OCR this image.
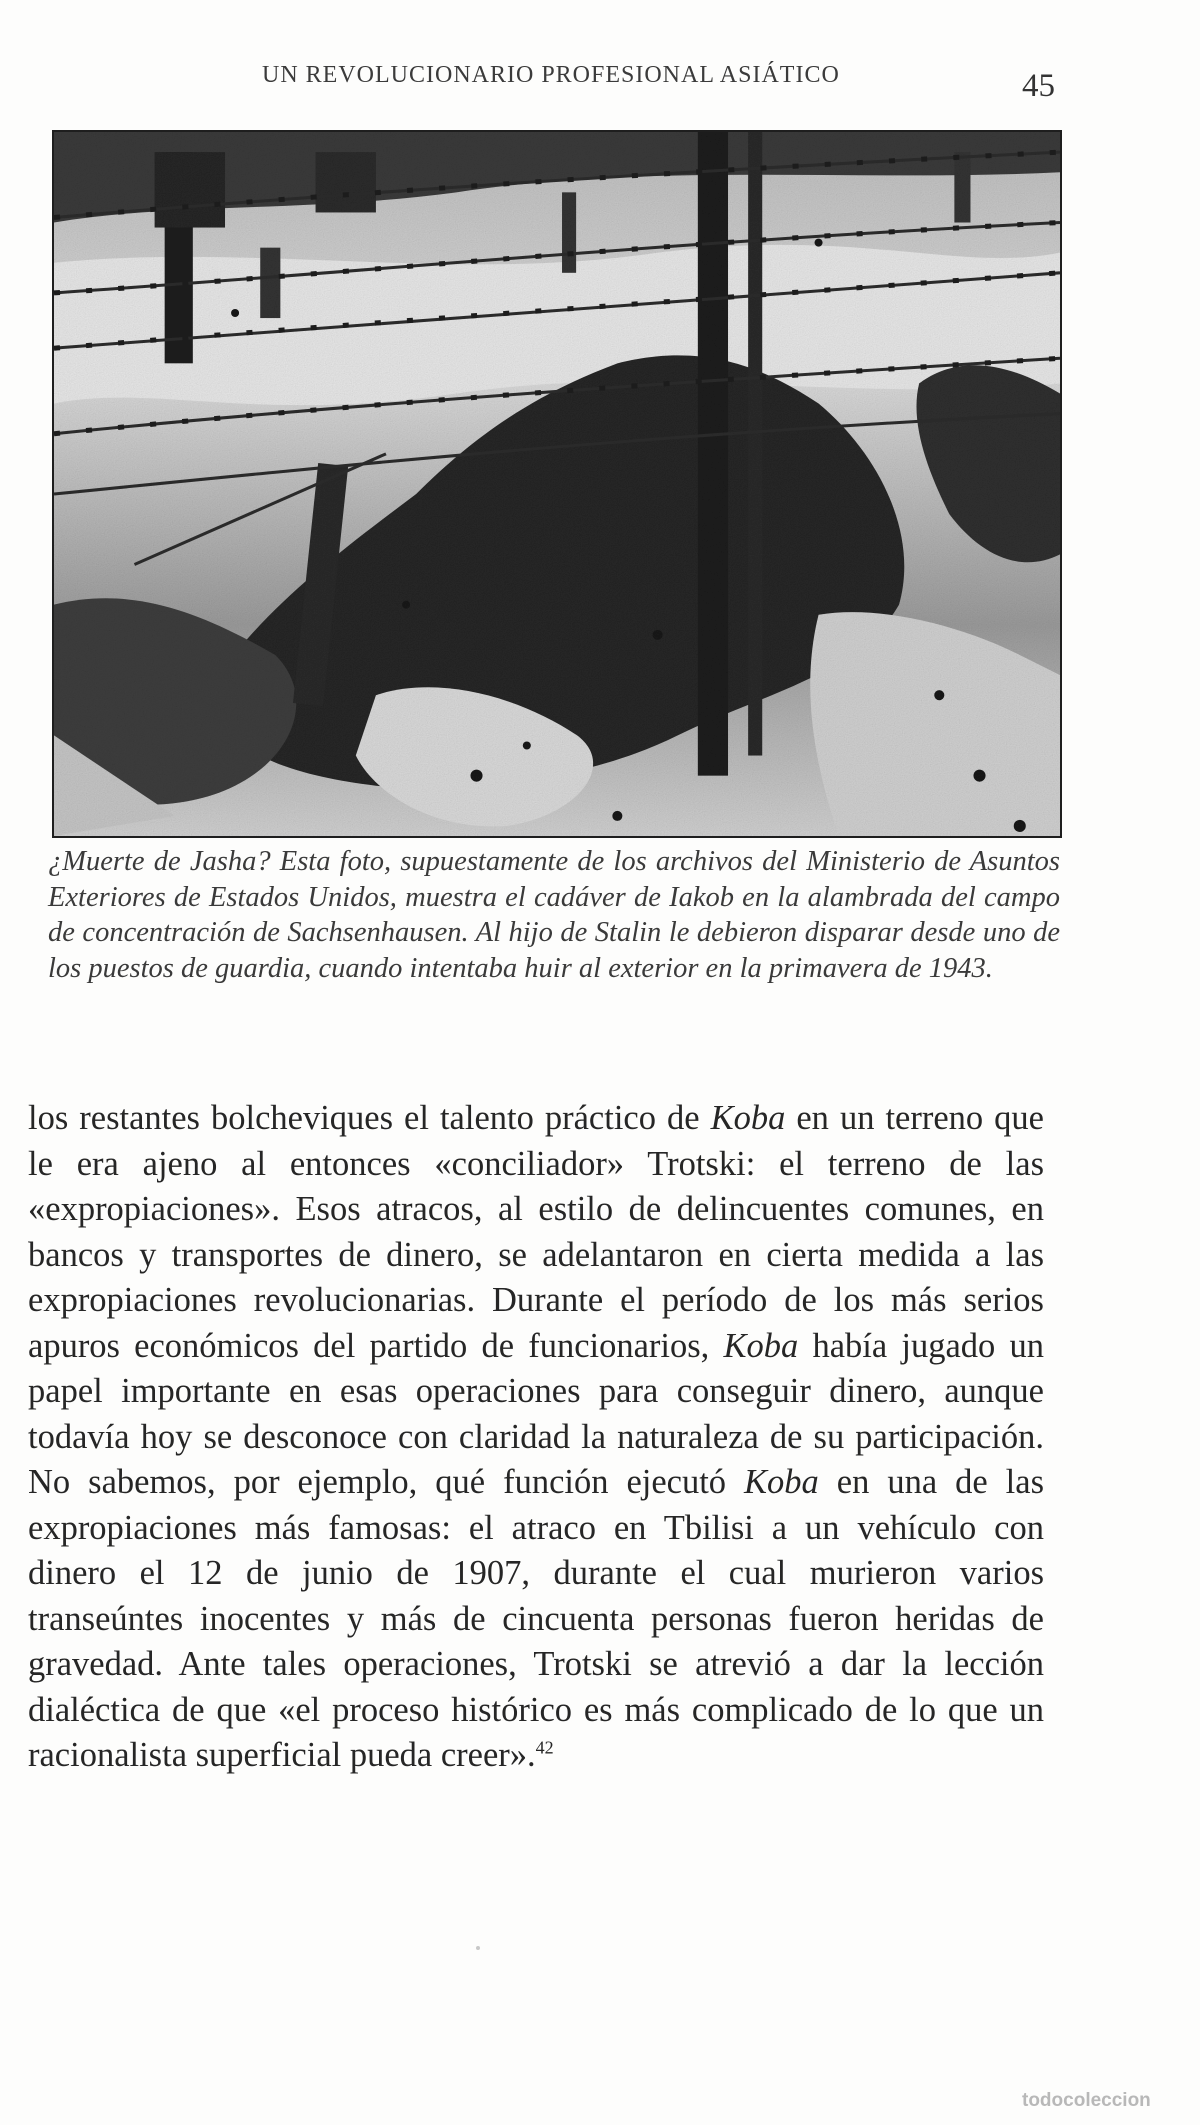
UN REVOLUCIONARIO PROFESIONAL ASIÁTICO	45
¿Muerte de Jasha? Esta foto, supuestamente de los archivos del Ministerio de Asuntos Exteriores de Estados Unidos, muestra el cadáver de Iakob en la alambrada del campo de concentración de Sachsenhausen. Al hijo de Stalin le debieron disparar desde uno de los puestos de guardia, cuando intentaba huir al exterior en la primavera de 1943.
los restantes bolcheviques el talento práctico de Koba en un terreno que le era ajeno al entonces «conciliador» Trotski: el terreno de las «expropiaciones». Esos atracos, al estilo de delincuentes comunes, en bancos y transportes de dinero, se adelantaron en cierta medida a las expropiaciones revolucionarias. Durante el período de los más serios apuros económicos del partido de funcionarios, Koba había jugado un papel importante en esas operaciones para conseguir dinero, aunque todavía hoy se desconoce con claridad la naturaleza de su participación. No sabemos, por ejemplo, qué función ejecutó Koba en una de las expropiaciones más famosas: el atraco en Tbilisi a un vehículo con dinero el 12 de junio de 1907, durante el cual murieron varios transeúntes inocentes y más de cincuenta personas fueron heridas de gravedad. Ante tales operaciones, Trotski se atrevió a dar la lección dialéctica de que «el proceso histórico es más complicado de lo que un racionalista superficial pueda creer».$^{42}$
todocoleccion
